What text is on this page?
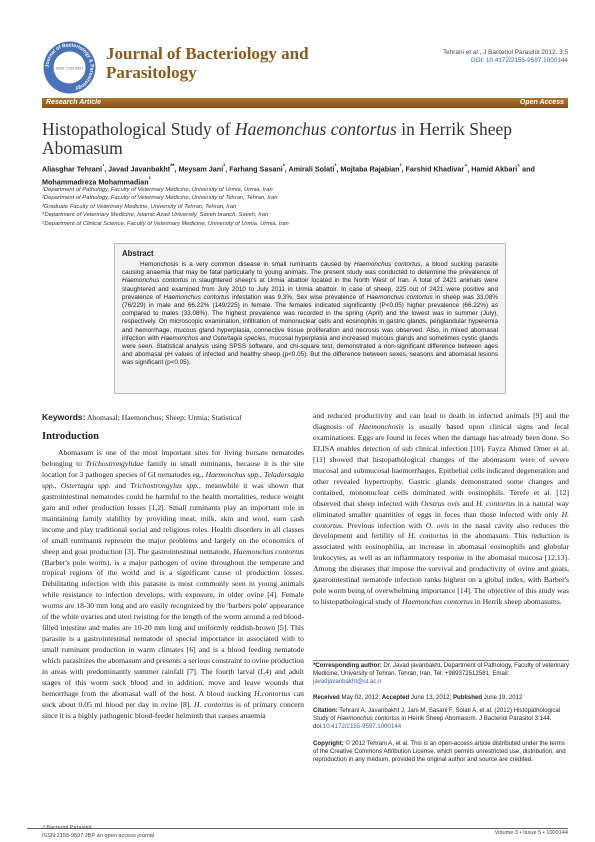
Journal of Bacteriology & Parasitology
ISSN: 2155-9597
Journal of Bacteriology and
Parasitology
Tehrani et al., J Bacteriol Parasitol 2012, 3:5
DOI: 10.4172/2155-9597.1000144
Research Article	Open Access
Histopathological Study of Haemonchus contortus in Herrik Sheep
Abomasum
Aliasghar Tehrani$^{^1}$, Javad Javanbakht$^{^2*}$, Meysam Jani$^{^2}$, Farhang Sasani$^{^2}$, Amirali Solati$^{^3}$, Mojtaba Rajabian$^{^3}$, Farshid Khadivar$^{^4}$, Hamid Akbari$^{^5}$ and Mohammadreza Mohammadian$^{^3}$
¹Department of Pathology, Faculty of Veterinary Medicine, University of Urmia, Urmia, Iran
²Department of Pathology, Faculty of Veterinary Medicine, University of Tehran, Tehran, Iran
³Graduate Faculty of Veterinary Medicine, University of Tehran, Tehran, Iran
⁴Department of Veterinary Medicine, Islamic Azad University, Saveh branch, Saveh, Iran
⁵Department of Clinical Science, Faculty of Veterinary Medicine, University of Urmia, Urmia, Iran
Abstract

Hemonchosis is a very common disease in small ruminants caused by Haemonchus contortus, a blood sucking parasite causing anaemia that may be fatal particularly to young animals. The present study was conducted to determine the prevalence of Haemonchus contortus in slaughtered sheep's at Urmia abattoir located in the North West of Iran. A total of 2421 animals were slaughtered and examined from July 2010 to July 2011 in Urmia abattoir. In case of sheep, 225 out of 2421 were positive and prevalence of Haemonchus contortus infestation was 9.3%. Sex wise prevalence of Haemonchus contortus in sheep was 33.08% (76/229) in male and 66.22% (149/225) in female. The females indicated significantly (P<0.05) higher prevalence (66.22%) as compared to males (33.08%). The highest prevalence was recorded in the spring (April) and the lowest was in summer (July), respectively. On microscopic examination, infiltration of mononuclear cells and eosinophils in gastric glands, periglandular hyperemia and hemorrhage, mucous gland hyperplasia, connective tissue proliferation and necrosis was observed. Also, in mixed abomasal infection with Haemonchus and Ostertagia species, mucosal hyperplasia and increased mucous glands and sometimes cystic glands were seen. Statistical analysis using SPSS software, and chi-square test, demonstrated a non-significant difference between ages and abomasal pH values of infected and healthy sheep (p<0.05). But the difference between sexes, seasons and abomasal lesions was significant (p<0.05).

Keywords: Abomasal; Haemonchus; Sheep; Urmia; Statistical
Introduction
Abomasum is one of the most important sites for living bursate nematodes belonging to Trichostrongylidae family in small ruminants, because it is the site location for 3 pathogen species of GI nematodes eg., Haemonchus spp., Teladorsagia spp., Ostertagia spp. and Trichostrongylus spp., meanwhile it was shown that gastrointestinal nematodes could be harmful to the health mortalities, reduce weight gain and other production losses [1,2]. Small ruminants play an important role in maintaining family stability by providing meat, milk, skin and wool, earn cash income and play traditional social and religious roles. Health disorders in all classes of small ruminants represent the major problems and largely on the economics of sheep and goat production [3]. The gastrointestinal nematode, Haemonchus contortus (Barber's pole worm), is a major pathogen of ovine throughout the temperate and tropical regions of the world and is a significant cause of production losses. Debilitating infection with this parasite is most commonly seen in young animals while resistance to infection develops, with exposure, in older ovine [4]. Female worms are 18-30 mm long and are easily recognized by the 'barbers pole' appearance of the white ovaries and uteri twisting for the length of the worm around a red blood-filled intestine and males are 10-20 mm long and uniformly reddish-brown [5]. This parasite is a gastrointestinal nematode of special importance in associated with to small ruminant production in warm climates [6] and is a blood feeding nematode which parasitizes the abomasum and presents a serious constraint to ovine production in areas with predominantly summer rainfall [7]. The fourth larval (L4) and adult stages of this worm suck blood and in addition, move and leave wounds that hemorrhage from the abomasal wall of the host. A blood sucking H.contortus can suck about 0.05 ml blood per day in ovine [8]. H. contortus is of primary concern since it is a highly pathogenic blood-feeder helminth that causes anaemia
and reduced productivity and can lead to death in infected animals [9] and the diagnosis of Haemonchosis is usually based upon clinical signs and fecal examinations. Eggs are found in feces when the damage has already been done. So ELISA enables detection of sub clinical infection [10]. Fayza Ahmed Omer et al. [11] showed that histopathological changes of the abomasum were of severe mucosal and submucosal haemorrhages. Epithelial cells indicated degeneration and other revealed hypertrophy. Gastric glands demonstrated some changes and contained, mononuclear cells dominated with eosinophils. Terefe et al. [12] observed that sheep infected with Oestrus ovis and H. contortus in a natural way eliminated smaller quantities of eggs in feces than those infected with only H. contortus. Previous infection with O. ovis in the nasal cavity also reduces the development and fertility of H. contortus in the abomasum. This reduction is associated with eosinophilia, an increase in abomasal eosinophils and globular leukocytes, as well as an inflammatory response in the abomasal mucosa [12,13]. Among the diseases that impose the survival and productivity of ovine and goats, gastrointestinal nematode infection ranks highest on a global index, with Barber's pole worm being of overwhelming importance [14]. The objective of this study was to histopathological study of Haemonchus contortus in Herrik sheep abomasums.
*Corresponding author: Dr. Javad javanbakht, Department of Pathology, Faculty of veterinary Medicine, University of Tehran, Tehran, Iran, Tel: +989372512581; Email: javadjavanbakht@ut.ac.ir
Received May 02, 2012; Accepted June 13, 2012; Published June 19, 2012
Citation: Tehrani A, Javanbakht J, Jani M, Sasani F, Solati A, et al. (2012) Histopathological Study of Haemonchus contortus in Herrik Sheep Abomasum. J Bacteriol Parasitol 3:144. doi:10.4172/2155-9597.1000144
Copyright: © 2012 Tehrani A, et al. This is an open-access article distributed under the terms of the Creative Commons Attribution License, which permits unrestricted use, distribution, and reproduction in any medium, provided the original author and source are credited.
J Bacteriol Parasitol
ISSN:2155-9597 JBP an open access journal	Volume 3 • Issue 5 • 1000144
